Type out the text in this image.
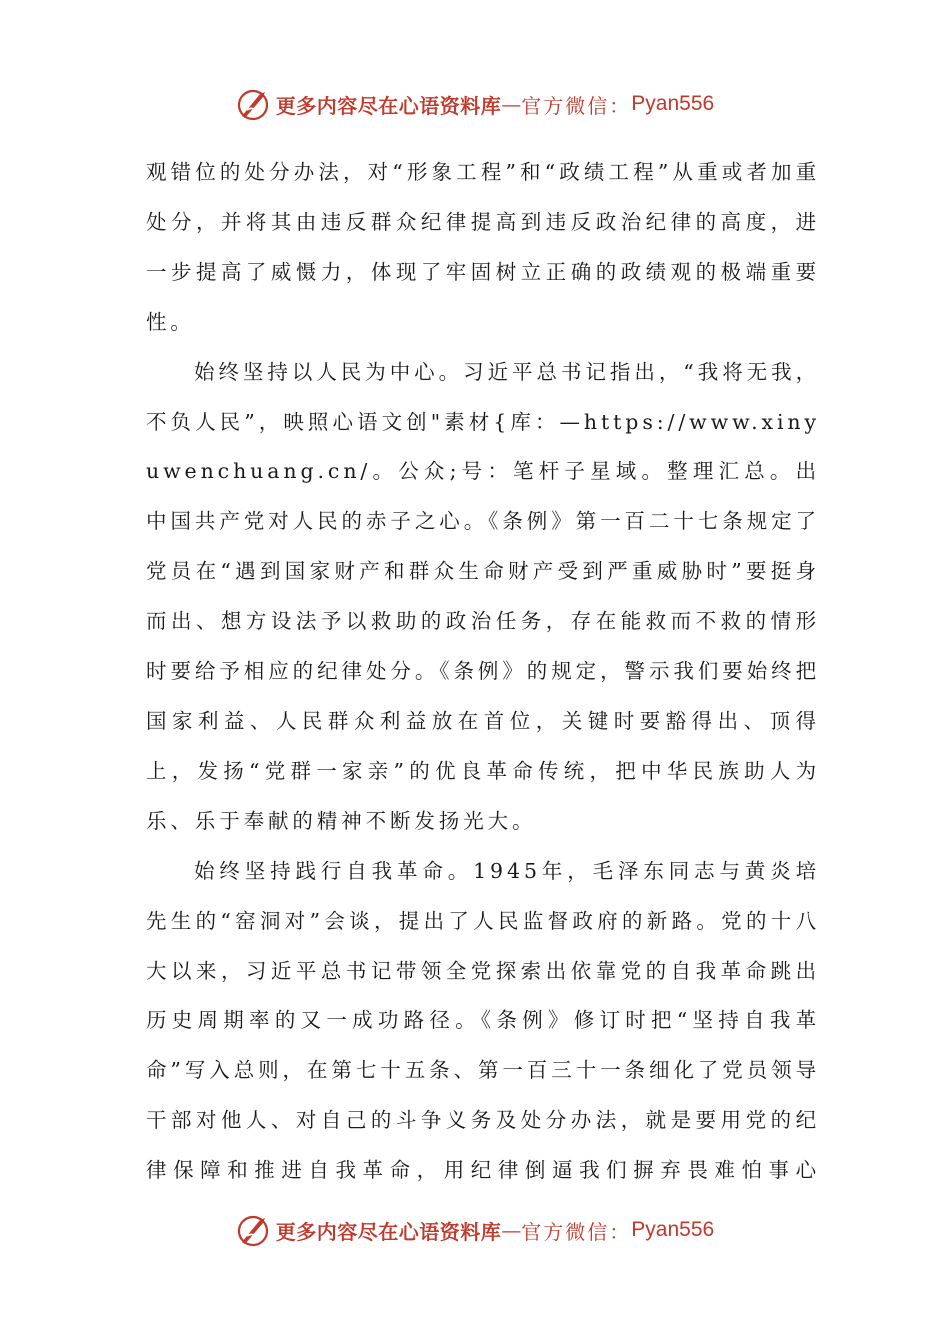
更多内容尽在心语资料库 — 官方微信： Pyan556

观错位的处分办法，对“形象工程”和“政绩工程”从重或者加重处分，并将其由违反群众纪律提高到违反政治纪律的高度，进一步提高了威慑力，体现了牢固树立正确的政绩观的极端重要性。

始终坚持以人民为中心。习近平总书记指出，“我将无我，不负人民”，映照心语文创"素材{库：—https://www.xinyuwenchuang.cn/。公众;号：笔杆子星域。整理汇总。出中国共产党对人民的赤子之心。《条例》第一百二十七条规定了党员在“遇到国家财产和群众生命财产受到严重威胁时”要挺身而出、想方设法予以救助的政治任务，存在能救而不救的情形时要给予相应的纪律处分。《条例》的规定，警示我们要始终把国家利益、人民群众利益放在首位，关键时要豁得出、顶得上，发扬“党群一家亲”的优良革命传统，把中华民族助人为乐、乐于奉献的精神不断发扬光大。

始终坚持践行自我革命。1945年，毛泽东同志与黄炎培先生的“窑洞对”会谈，提出了人民监督政府的新路。党的十八大以来，习近平总书记带领全党探索出依靠党的自我革命跳出历史周期率的又一成功路径。《条例》修订时把“坚持自我革命”写入总则，在第七十五条、第一百三十一条细化了党员领导干部对他人、对自己的斗争义务及处分办法，就是要用党的纪律保障和推进自我革命，用纪律倒逼我们摒弃畏难怕事心

更多内容尽在心语资料库 — 官方微信： Pyan556
